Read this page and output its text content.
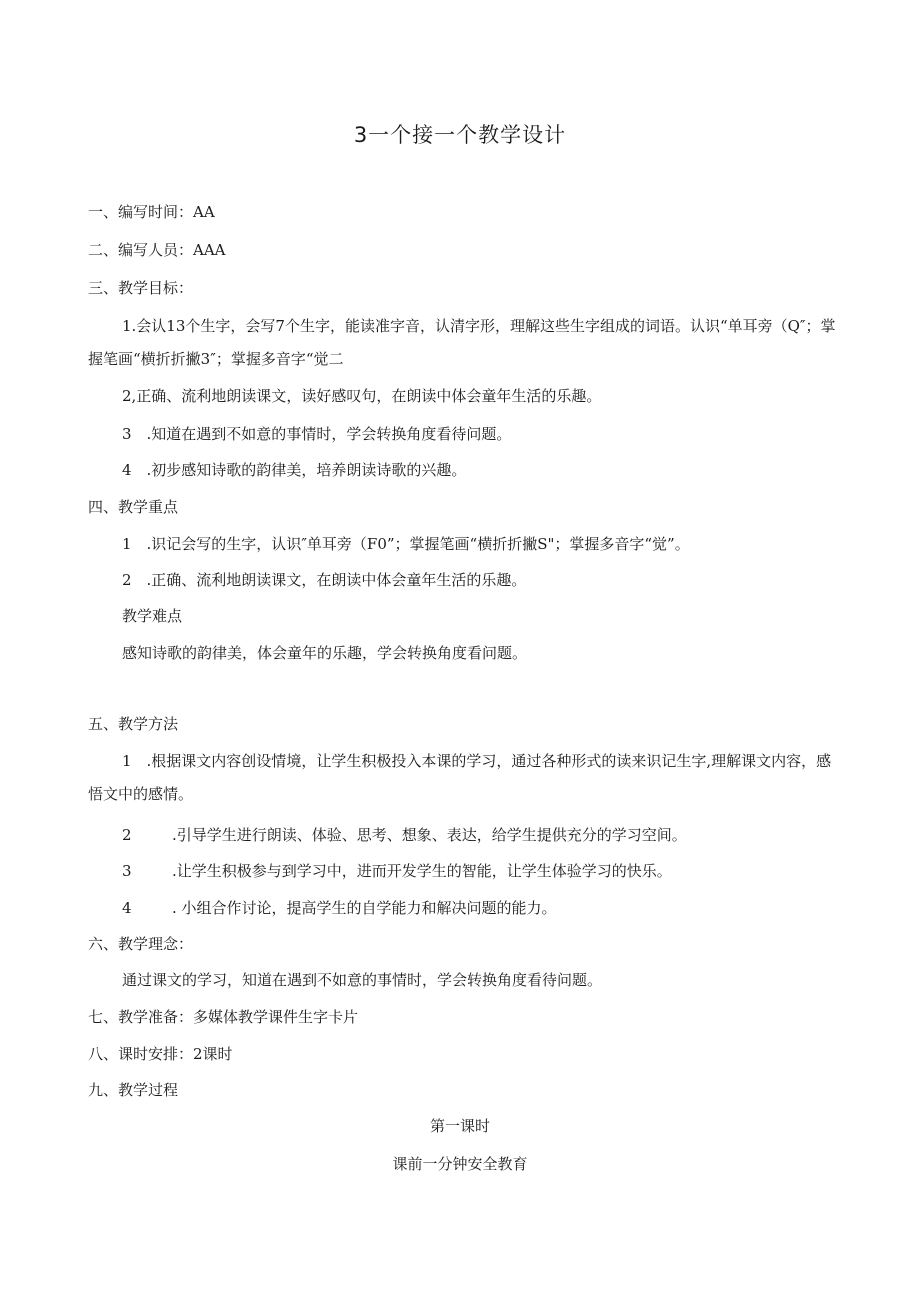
3一个接一个教学设计
一、编写时间：AA
二、编写人员：AAA
三、教学目标：
1.会认13个生字，会写7个生字，能读准字音，认清字形，理解这些生字组成的词语。认识“单耳旁（Q″；掌握笔画“横折折撇3″；掌握多音字“觉二
2,正确、流利地朗读课文，读好感叹句，在朗读中体会童年生活的乐趣。
3　.知道在遇到不如意的事情时，学会转换角度看待问题。
4　.初步感知诗歌的韵律美，培养朗读诗歌的兴趣。
四、教学重点
1　.识记会写的生字，认识″单耳旁（F0”；掌握笔画“横折折撇S"；掌握多音字“觉”。
2　.正确、流利地朗读课文，在朗读中体会童年生活的乐趣。
教学难点
感知诗歌的韵律美，体会童年的乐趣，学会转换角度看问题。
五、教学方法
1　.根据课文内容创设情境，让学生积极投入本课的学习，通过各种形式的读来识记生字,理解课文内容，感悟文中的感情。
2	.引导学生进行朗读、体验、思考、想象、表达，给学生提供充分的学习空间。
3	.让学生积极参与到学习中，进而开发学生的智能，让学生体验学习的快乐。
4	. 小组合作讨论，提高学生的自学能力和解决问题的能力。
六、教学理念：
通过课文的学习，知道在遇到不如意的事情时，学会转换角度看待问题。
七、教学准备：多媒体教学课件生字卡片
八、课时安排：2课时
九、教学过程
第一课时
课前一分钟安全教育
